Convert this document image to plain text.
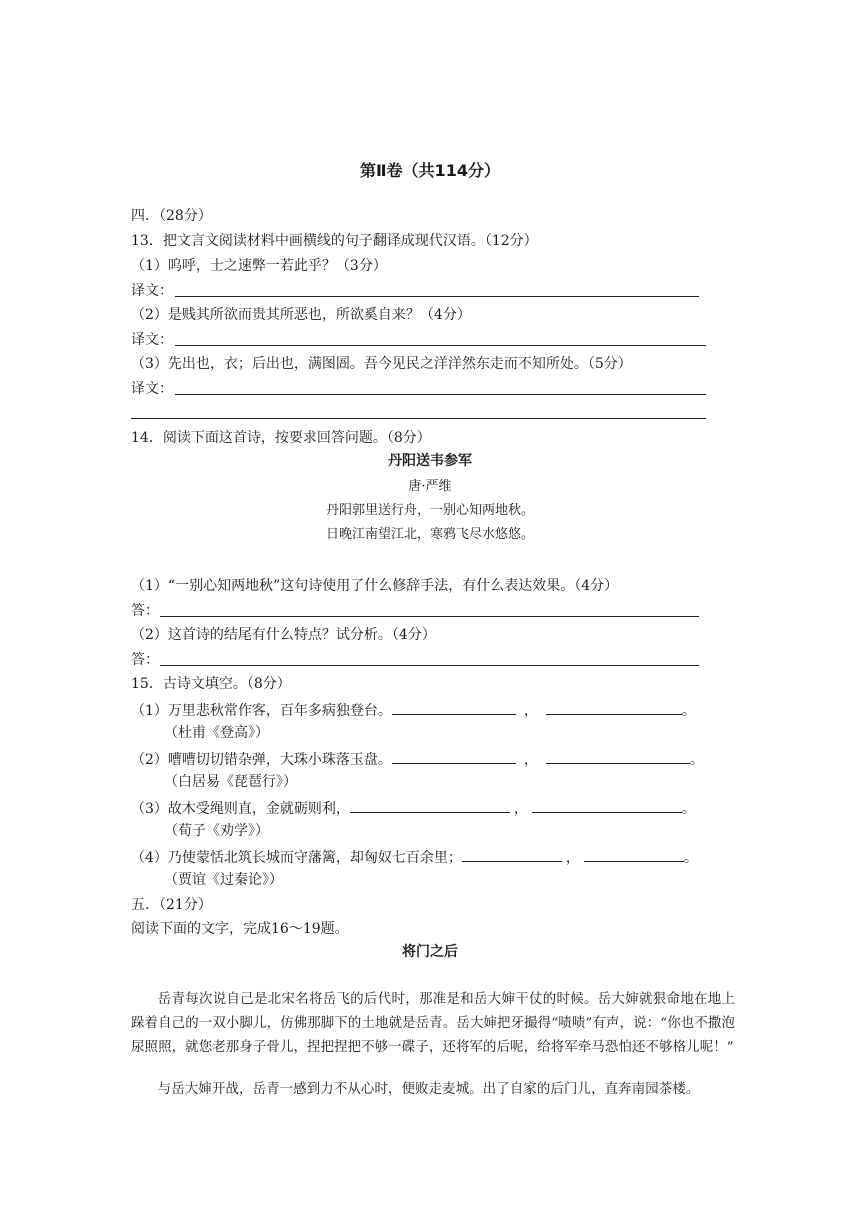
第Ⅱ卷（共114分）
四．（28分）
13．把文言文阅读材料中画横线的句子翻译成现代汉语。（12分）
（1）呜呼，士之速弊一若此乎？（3分）
译文：
（2）是贱其所欲而贵其所恶也，所欲奚自来？（4分）
译文：
（3）先出也，衣；后出也，满图圄。吾今见民之洋洋然东走而不知所处。（5分）
译文：
14．阅读下面这首诗，按要求回答问题。（8分）
丹阳送韦参军
唐·严维
丹阳郭里送行舟，一别心知两地秋。
日晚江南望江北，寒鸦飞尽水悠悠。
（1）“一别心知两地秋”这句诗使用了什么修辞手法，有什么表达效果。（4分）
答：
（2）这首诗的结尾有什么特点？试分析。（4分）
答：
15．古诗文填空。（8分）
（1）万里悲秋常作客，百年多病独登台。	，	。
（杜甫《登高》）
（2）嘈嘈切切错杂弹，大珠小珠落玉盘。	，	。
（白居易《琵琶行》）
（3）故木受绳则直，金就砺则利，	，	。
（荀子《劝学》）
（4）乃使蒙恬北筑长城而守藩篱，却匈奴七百余里；	，	。
（贾谊《过秦论》）
五．（21分）
阅读下面的文字，完成16～19题。
将门之后
岳青每次说自己是北宋名将岳飞的后代时，那准是和岳大婶干仗的时候。岳大婶就狠命地在地上跺着自己的一双小脚儿，仿佛那脚下的土地就是岳青。岳大婶把牙撮得“啧啧”有声，说：“你也不撒泡尿照照，就您老那身子骨儿，捏把捏把不够一碟子，还将军的后呢，给将军牵马恐怕还不够格儿呢！”
与岳大婶开战，岳青一感到力不从心时，便败走麦城。出了自家的后门儿，直奔南园茶楼。
